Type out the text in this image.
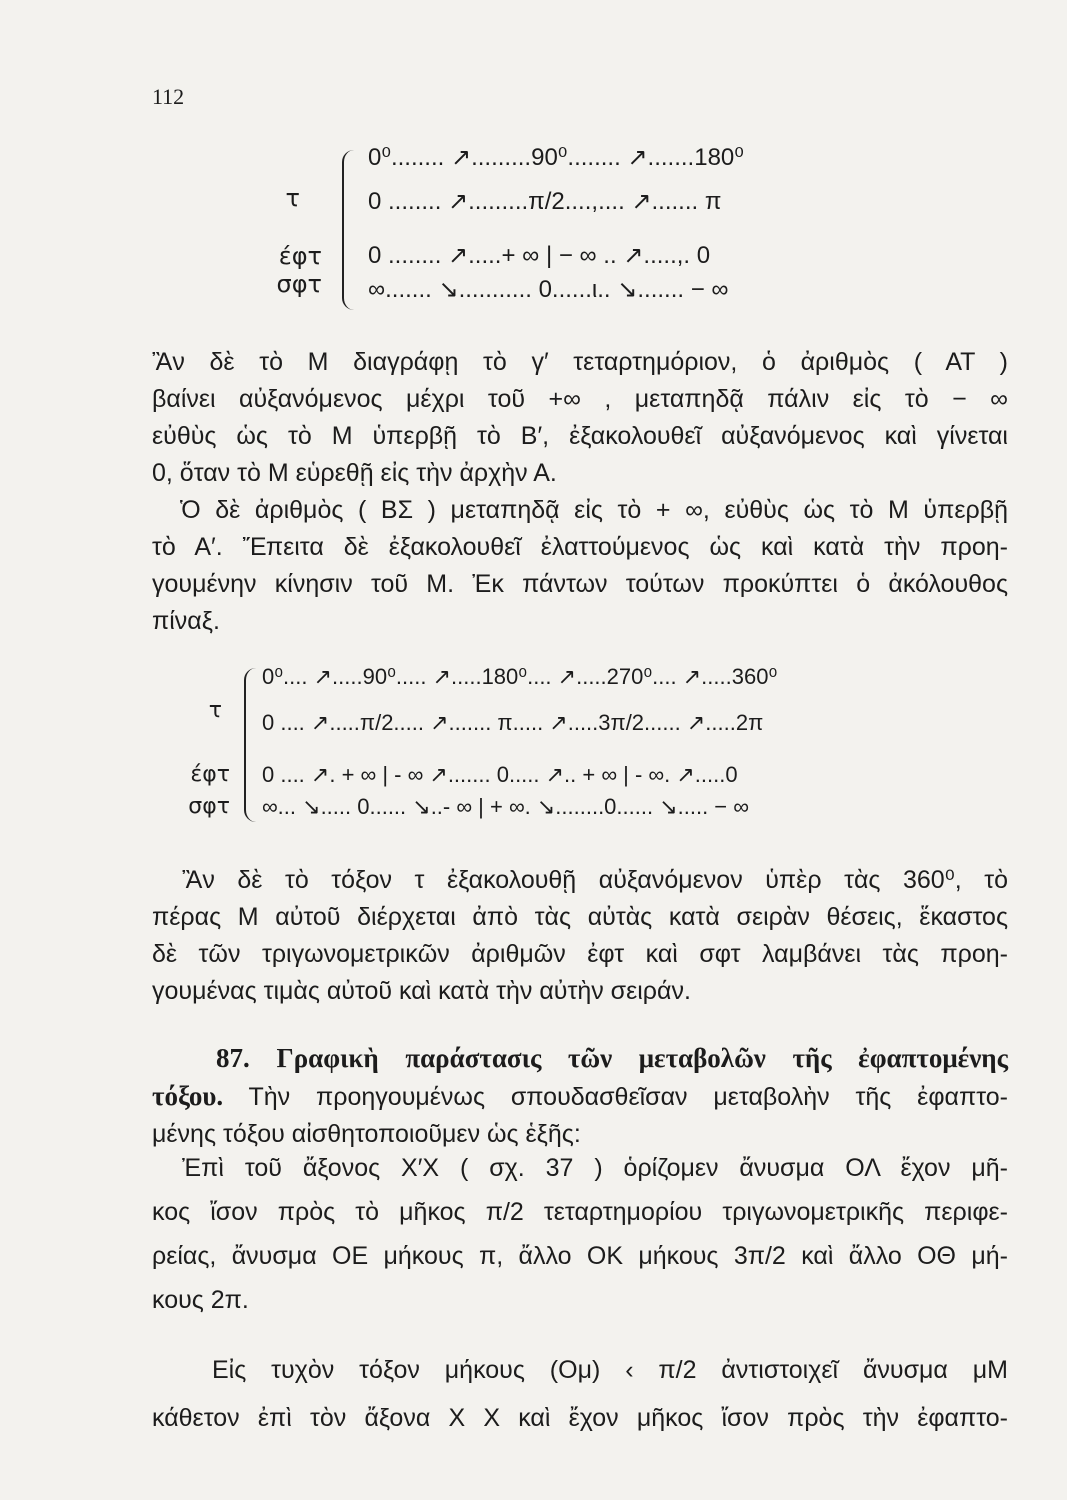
112
τ
έφτ
σφτ
0⁰........ ↗.........90⁰........ ↗.......180⁰
0 ........ ↗.........π/2....,.... ↗....... π
0 ........ ↗.....+ ∞ | − ∞ .. ↗.....,. 0
∞....... ↘........... 0......ι.. ↘....... − ∞
Ἂν δὲ τὸ Μ διαγράφῃ τὸ γ′ τεταρτημόριον, ὁ ἀριθμὸς ( ΑΤ )
βαίνει αὐξανόμενος μέχρι τοῦ +∞ , μεταπηδᾷ πάλιν εἰς τὸ − ∞
εὐθὺς ὡς τὸ Μ ὑπερβῇ τὸ Β′, ἐξακολουθεῖ αὐξανόμενος καὶ γίνεται
0, ὅταν τὸ Μ εὑρεθῇ εἰς τὴν ἀρχὴν Α.
Ὁ δὲ ἀριθμὸς ( ΒΣ ) μεταπηδᾷ εἰς τὸ + ∞, εὐθὺς ὡς τὸ Μ ὑπερβῇ
τὸ Α′. Ἔπειτα δὲ ἐξακολουθεῖ ἐλαττούμενος ὡς καὶ κατὰ τὴν προη-
γουμένην κίνησιν τοῦ Μ. Ἐκ πάντων τούτων προκύπτει ὁ ἀκόλουθος
πίναξ.
τ
έφτ
σφτ
0⁰.... ↗.....90⁰..... ↗.....180⁰.... ↗.....270⁰.... ↗.....360⁰
0 .... ↗.....π/2..... ↗....... π..... ↗.....3π/2...... ↗.....2π
0 .... ↗. + ∞ | - ∞ ↗....... 0..... ↗.. + ∞ | - ∞. ↗.....0
∞... ↘..... 0...... ↘..- ∞ | + ∞. ↘........0...... ↘..... − ∞
Ἂν δὲ τὸ τόξον τ ἐξακολουθῇ αὐξανόμενον ὑπὲρ τὰς 360⁰, τὸ
πέρας Μ αὐτοῦ διέρχεται ἀπὸ τὰς αὐτὰς κατὰ σειρὰν θέσεις, ἕκαστος
δὲ τῶν τριγωνομετρικῶν ἀριθμῶν ἐφτ καὶ σφτ λαμβάνει τὰς προη-
γουμένας τιμὰς αὐτοῦ καὶ κατὰ τὴν αὐτὴν σειράν.
87. Γραφικὴ παράστασις τῶν μεταβολῶν τῆς ἐφαπτομένης
τόξου. Τὴν προηγουμένως σπουδασθεῖσαν μεταβολὴν τῆς ἐφαπτο-
μένης τόξου αἰσθητοποιοῦμεν ὡς ἑξῆς:
Ἐπὶ τοῦ ἄξονος Χ′Χ ( σχ. 37 ) ὁρίζομεν ἄνυσμα ΟΛ ἔχον μῆ-
κος ἴσον πρὸς τὸ μῆκος π/2 τεταρτημορίου τριγωνομετρικῆς περιφε-
ρείας, ἄνυσμα ΟΕ μήκους π, ἄλλο ΟΚ μήκους 3π/2 καὶ ἄλλο ΟΘ μή-
κους 2π.
Εἰς τυχὸν τόξον μήκους (Ομ) ‹ π/2 ἀντιστοιχεῖ ἄνυσμα μΜ
κάθετον ἐπὶ τὸν ἄξονα Χ Χ καὶ ἔχον μῆκος ἴσον πρὸς τὴν ἐφαπτο-
